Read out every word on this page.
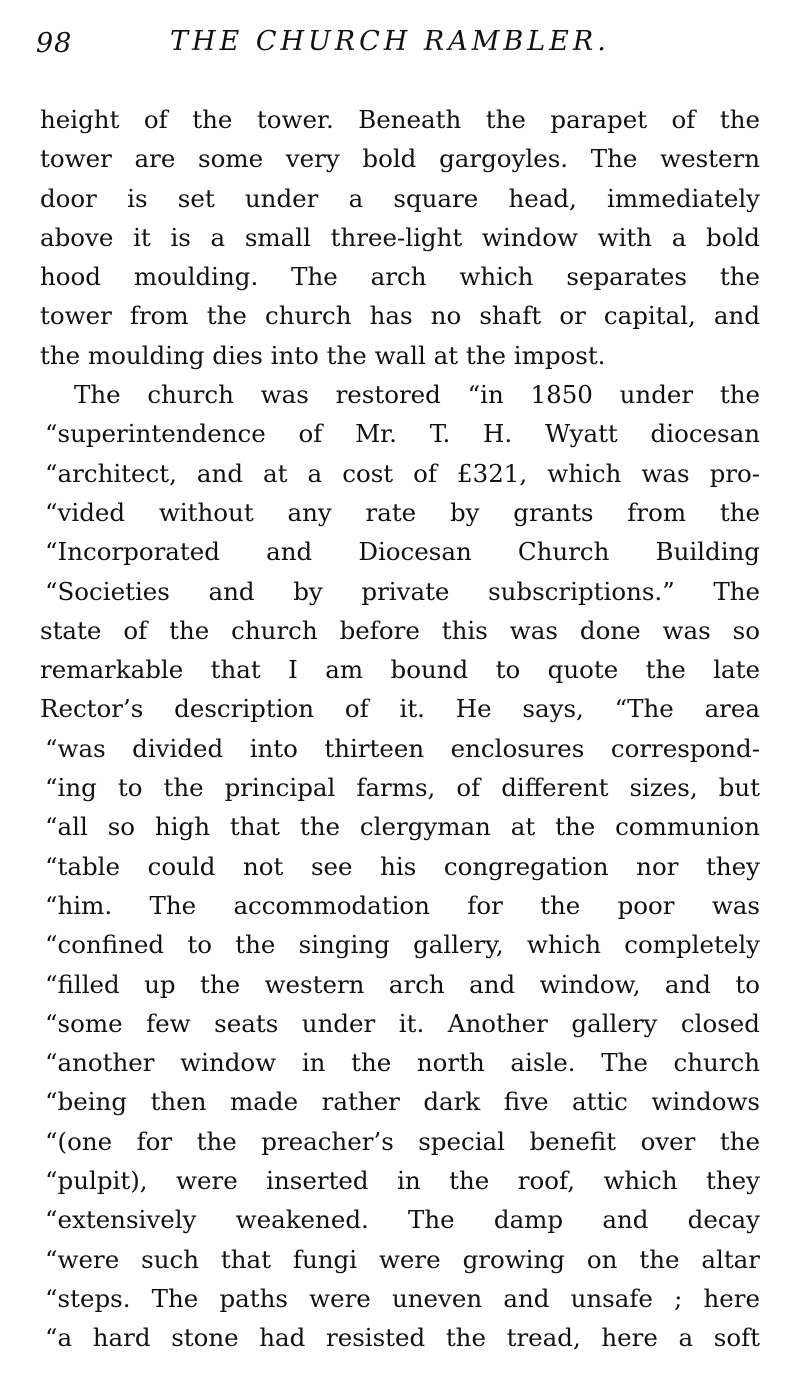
98	THE CHURCH RAMBLER.
height of the tower. Beneath the parapet of the
tower are some very bold gargoyles. The western
door is set under a square head, immediately
above it is a small three-light window with a bold
hood moulding. The arch which separates the
tower from the church has no shaft or capital, and
the moulding dies into the wall at the impost.
The church was restored “in 1850 under the
“superintendence of Mr. T. H. Wyatt diocesan
“architect, and at a cost of £321, which was pro-
“vided without any rate by grants from the
“Incorporated and Diocesan Church Building
“Societies and by private subscriptions.” The
state of the church before this was done was so
remarkable that I am bound to quote the late
Rector’s description of it. He says, “The area
“was divided into thirteen enclosures correspond-
“ing to the principal farms, of different sizes, but
“all so high that the clergyman at the communion
“table could not see his congregation nor they
“him. The accommodation for the poor was
“confined to the singing gallery, which completely
“filled up the western arch and window, and to
“some few seats under it. Another gallery closed
“another window in the north aisle. The church
“being then made rather dark five attic windows
“(one for the preacher’s special benefit over the
“pulpit), were inserted in the roof, which they
“extensively weakened. The damp and decay
“were such that fungi were growing on the altar
“steps. The paths were uneven and unsafe ; here
“a hard stone had resisted the tread, here a soft
